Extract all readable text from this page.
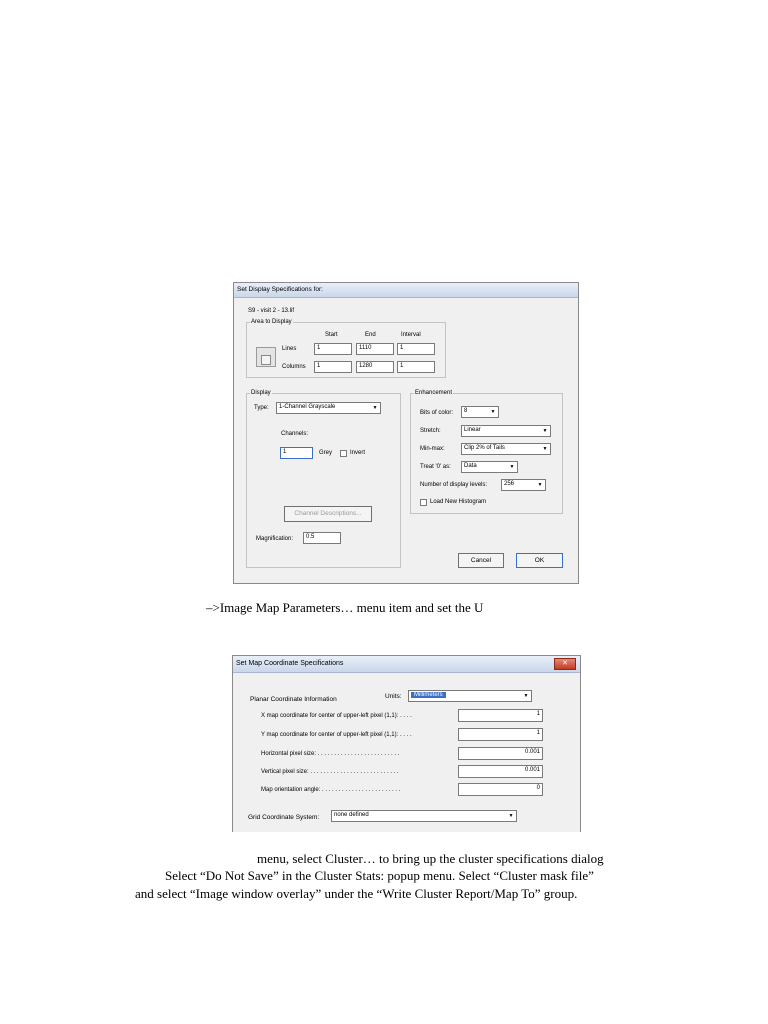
Set Display Specifications for:
S9 - visit 2 - 13.lif
Area to Display
Start	End	Interval
Lines	1	1110	1
Columns	1	1280	1
Display
Type:	1-Channel Grayscale	▼
Channels:
1	Grey	Invert
Channel Descriptions...
Magnification:	0.5
Enhancement
Bits of color:	8	▼
Stretch:	Linear	▼
Min-max:	Clip 2% of Tails	▼
Treat '0' as:	Data	▼
Number of display levels:	256	▼
Load New Histogram
Cancel	OK
–>Image Map Parameters… menu item and set the U
Set Map Coordinate Specifications	✕
Planar Coordinate Information	Units:	Millimeters	▼
X map coordinate for center of upper-left pixel (1,1): . . . .	1
Y map coordinate for center of upper-left pixel (1,1): . . . .	1
Horizontal pixel size: . . . . . . . . . . . . . . . . . . . . . . . . .	0.001
Vertical pixel size: . . . . . . . . . . . . . . . . . . . . . . . . . . .	0.001
Map orientation angle: . . . . . . . . . . . . . . . . . . . . . . . .	0
Grid Coordinate System:	none defined	▼
menu, select Cluster… to bring up the cluster specifications dialog
Select “Do Not Save” in the Cluster Stats: popup menu. Select “Cluster mask file”
and select “Image window overlay” under the “Write Cluster Report/Map To” group.
